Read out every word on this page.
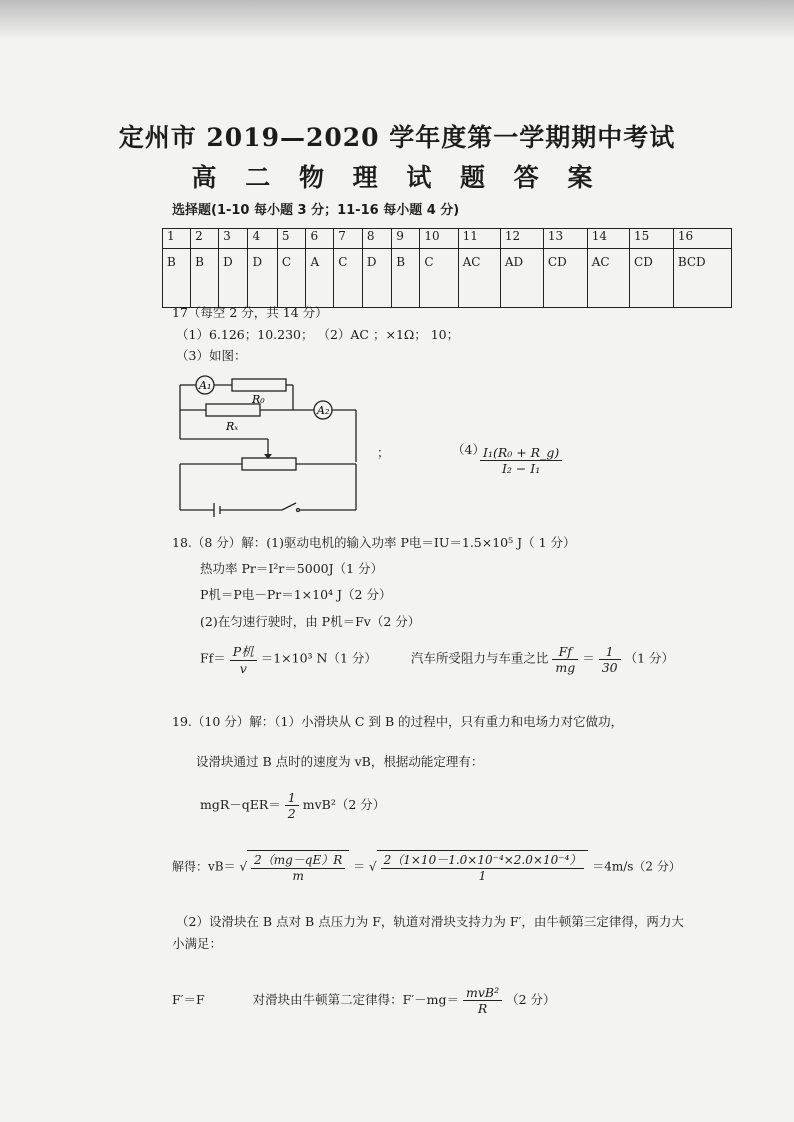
定州市 2019—2020 学年度第一学期期中考试
高 二 物 理 试 题 答 案
选择题(1-10 每小题 3 分；11-16 每小题 4 分)
1	2	3	4	5	6	7	8	9	10	11	12	13	14	15	16
B	B	D	D	C	A	C	D	B	C	AC	AD	CD	AC	CD	BCD
17（每空 2 分，共 14 分）
（1）6.126；10.230； （2）AC ；×1Ω； 10；
（3）如图：
A₁
A₂
R₀
Rₓ
；	（4）
$\frac{\text{I₁(R₀ + R\_g)}}{\text{I₂ − I₁}}$
18.（8 分）解：(1)驱动电机的输入功率 P电＝IU＝1.5×10⁵ J（ 1 分）
热功率 Pr＝I²r＝5000J（1 分）
P机＝P电－Pr＝1×10⁴ J（2 分）
(2)在匀速行驶时，由 P机＝Fv（2 分）
$Ff= \frac{\text{P机}}{v} =1\times 10^3$ N（1 分）	汽车所受阻力与车重之比 $\frac{Ff}{mg} = \frac{1}{30} (1$ 分）
19.（10 分）解：（1）小滑块从 C 到 B 的过程中，只有重力和电场力对它做功，
设滑块通过 B 点时的速度为 vB，根据动能定理有：
$mgR-qER= \frac{1}{2} mvB^2(2$ 分）
解得：vB＝ √ $\frac{2(mg-qE)R}{m}$ ＝ √ $\frac{\text{2（1×10－1.0×10⁻⁴×2.0×10⁻⁴）}}{1} =4m/s(2$ 分）
（2）设滑块在 B 点对 B 点压力为 F，轨道对滑块支持力为 F′，由牛顿第三定律得，两力大
小满足：
F′＝F	对滑块由牛顿第二定律得：$F'-mg= \frac{\text{mvB²}}{R} (2$ 分）
